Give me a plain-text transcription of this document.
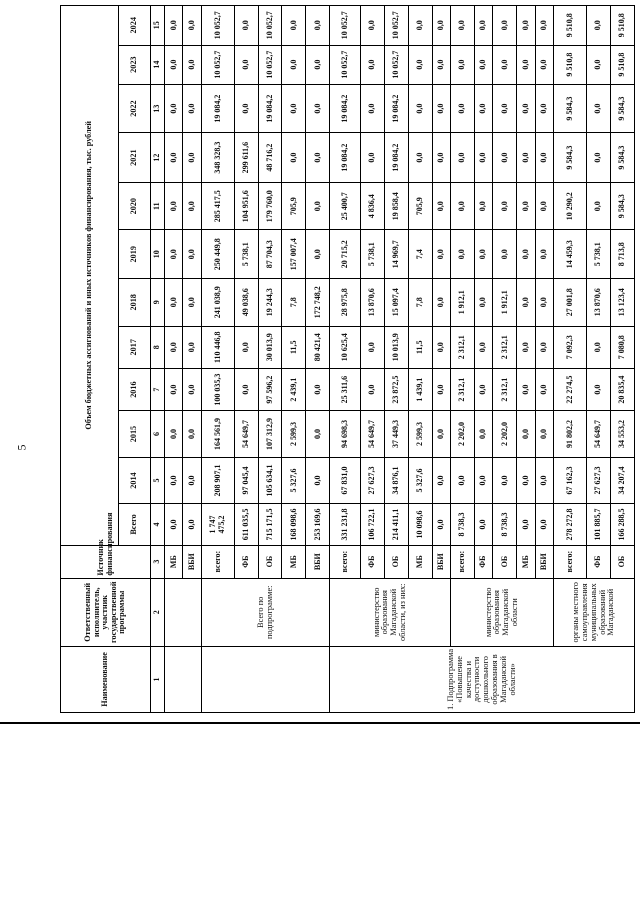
5
Наименование	Ответственный исполнитель, участник государственной программы	Источник финансирования	Объем бюджетных ассигнований и иных источников финансирования, тыс. рублей											
			Всего	2014	2015	2016	2017	2018	2019	2020	2021	2022	2023	2024
1	2	3	4	5	6	7	8	9	10	11	12	13	14	15
		МБ	0,0	0,0	0,0	0,0	0,0	0,0	0,0	0,0	0,0	0,0	0,0	0,0
		ВБИ	0,0	0,0	0,0	0,0	0,0	0,0	0,0	0,0	0,0	0,0	0,0	0,0
	Всего по подпрограмме:	всего:	1 747 475,2	208 907,1	164 561,9	100 035,3	110 446,8	241 038,9	250 449,8	285 417,5	348 328,3	19 084,2	10 052,7	10 052,7
		ФБ	611 035,5	97 045,4	54 649,7	0,0	0,0	49 038,6	5 738,1	104 951,6	299 611,6	0,0	0,0	0,0
		ОБ	715 171,5	105 634,1	107 312,9	97 596,2	30 013,9	19 244,3	87 704,3	179 760,0	48 716,2	19 084,2	10 052,7	10 052,7
		МБ	168 098,6	5 327,6	2 599,3	2 439,1	11,5	7,8	157 007,4	705,9	0,0	0,0	0,0	0,0
		ВБИ	253 169,6	0,0	0,0	0,0	80 421,4	172 748,2	0,0	0,0	0,0	0,0	0,0	0,0
1. Подпрограмма «Повышение качества и доступности дошкольного образования в Магаданской области»	министерство образования Магаданской области, из них:	всего:	331 231,8	67 831,0	94 698,3	25 311,6	10 625,4	28 975,8	20 715,2	25 400,7	19 084,2	19 084,2	10 052,7	10 052,7
		ФБ	106 722,1	27 627,3	54 649,7	0,0	0,0	13 870,6	5 738,1	4 836,4	0,0	0,0	0,0	0,0
		ОБ	214 411,1	34 876,1	37 449,3	23 872,5	10 013,9	15 097,4	14 969,7	19 858,4	19 084,2	19 084,2	10 052,7	10 052,7
		МБ	10 098,6	5 327,6	2 599,3	1 439,1	11,5	7,8	7,4	705,9	0,0	0,0	0,0	0,0
		ВБИ	0,0	0,0	0,0	0,0	0,0	0,0	0,0	0,0	0,0	0,0	0,0	0,0
	министерство образования Магаданской области	всего:	8 738,3	0,0	2 202,0	2 312,1	2 312,1	1 912,1	0,0	0,0	0,0	0,0	0,0	0,0
		ФБ	0,0	0,0	0,0	0,0	0,0	0,0	0,0	0,0	0,0	0,0	0,0	0,0
		ОБ	8 738,3	0,0	2 202,0	2 312,1	2 312,1	1 912,1	0,0	0,0	0,0	0,0	0,0	0,0
		МБ	0,0	0,0	0,0	0,0	0,0	0,0	0,0	0,0	0,0	0,0	0,0	0,0
		ВБИ	0,0	0,0	0,0	0,0	0,0	0,0	0,0	0,0	0,0	0,0	0,0	0,0
	органы местного самоуправления муниципальных образований Магаданской	всего:	278 272,8	67 162,3	91 802,2	22 274,5	7 092,3	27 001,8	14 459,3	10 290,2	9 584,3	9 584,3	9 510,8	9 510,8
		ФБ	101 885,7	27 627,3	54 649,7	0,0	0,0	13 870,6	5 738,1	0,0	0,0	0,0	0,0	0,0
		ОБ	166 288,5	34 207,4	34 553,2	20 835,4	7 080,8	13 123,4	8 713,8	9 584,3	9 584,3	9 584,3	9 510,8	9 510,8
